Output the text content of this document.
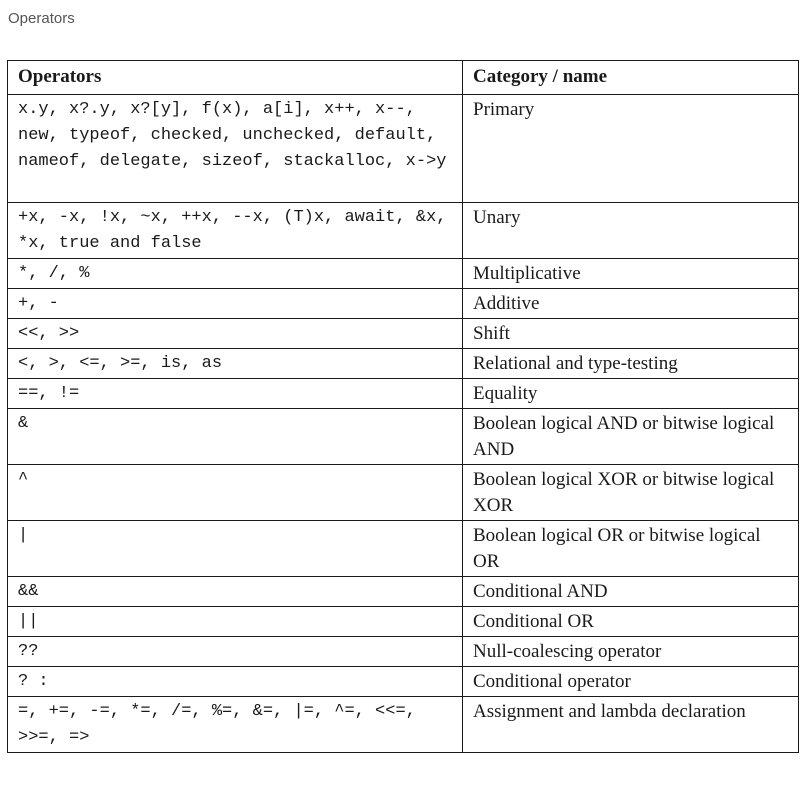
Operators
Operators	Category / name
x.y, x?.y, x?[y], f(x), a[i], x++, x--, new, typeof, checked, unchecked, default, nameof, delegate, sizeof, stackalloc, x->y	Primary
+x, -x, !x, ~x, ++x, --x, (T)x, await, &x, *x, true and false	Unary
*, /, %	Multiplicative
+, -	Additive
<<, >>	Shift
<, >, <=, >=, is, as	Relational and type-testing
==, !=	Equality
&	Boolean logical AND or bitwise logical AND
^	Boolean logical XOR or bitwise logical XOR
|	Boolean logical OR or bitwise logical OR
&&	Conditional AND
||	Conditional OR
??	Null-coalescing operator
? :	Conditional operator
=, +=, -=, *=, /=, %=, &=, |=, ^=, <<=, >>=, =>	Assignment and lambda declaration
